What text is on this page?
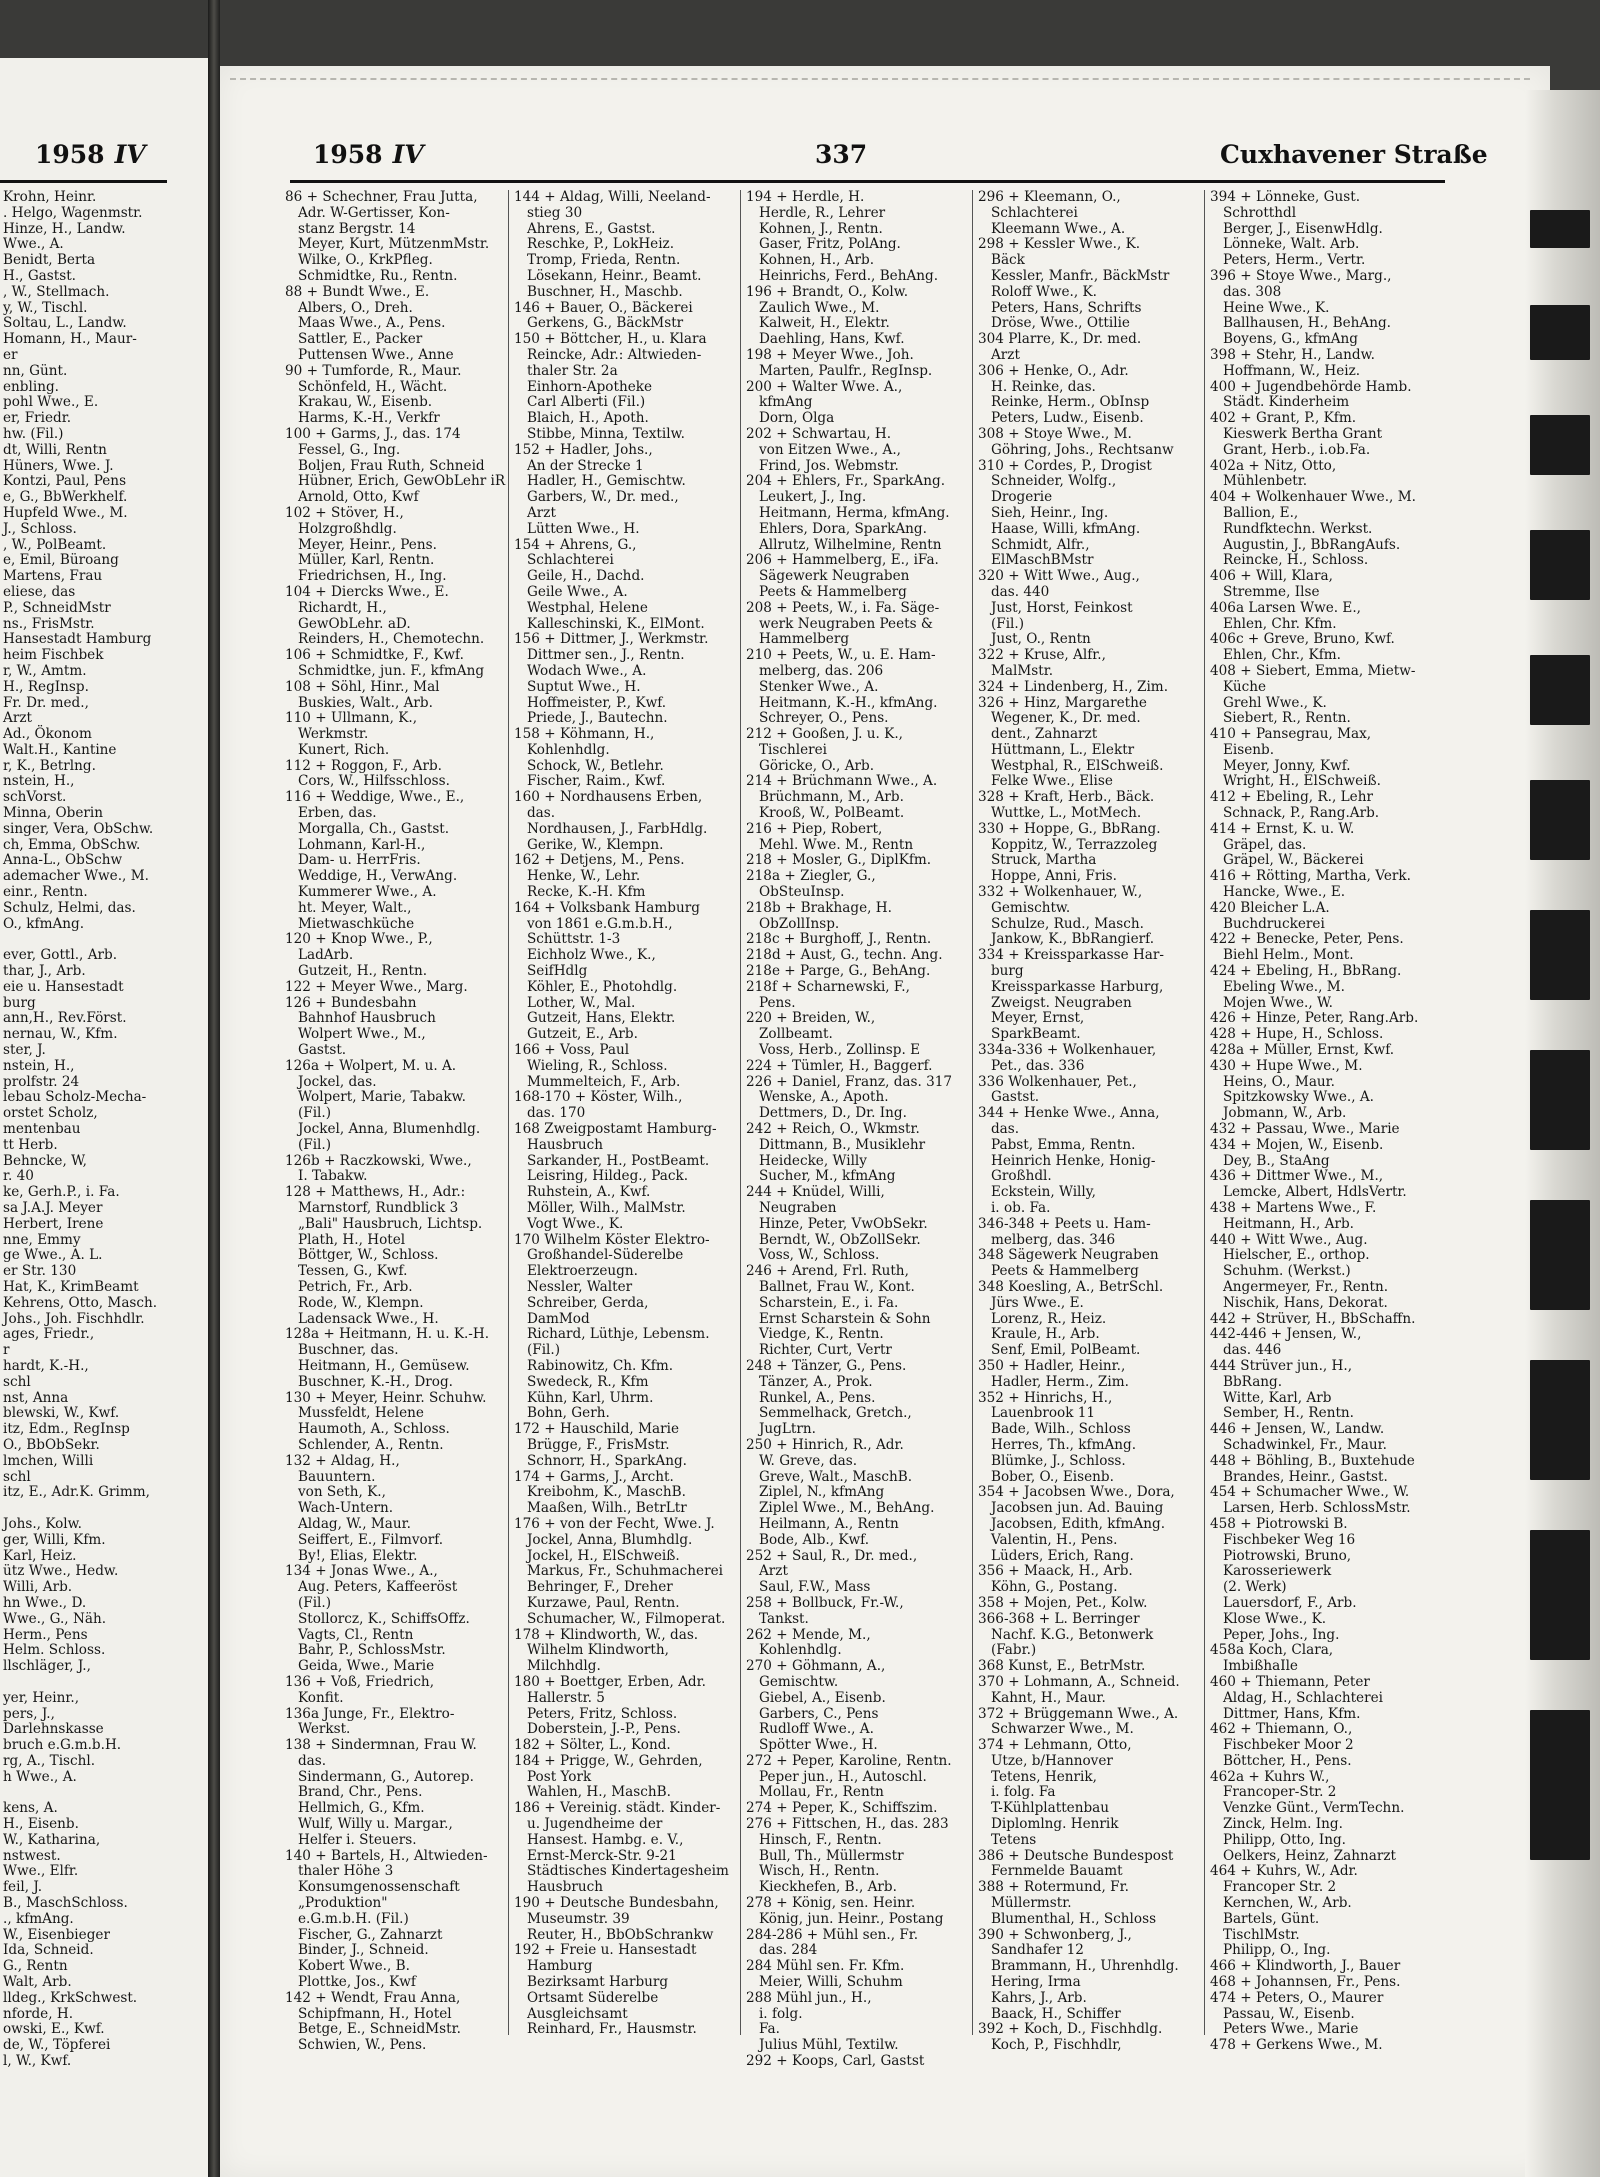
1958 IV	1958 IV	337	Cuxhavener Straße
Krohn, Heinr.
. Helgo, Wagenmstr.
Hinze, H., Landw.
Wwe., A.
Benidt, Berta
H., Gastst.
, W., Stellmach.
y, W., Tischl.
Soltau, L., Landw.
Homann, H., Maur-
er
nn, Günt.
enbling.
pohl Wwe., E.
er, Friedr.
hw. (Fil.)
dt, Willi, Rentn
Hüners, Wwe. J.
Kontzi, Paul, Pens
e, G., BbWerkhelf.
Hupfeld Wwe., M.
J., Schloss.
, W., PolBeamt.
e, Emil, Büroang
Martens, Frau
eliese, das
P., SchneidMstr
ns., FrisMstr.
Hansestadt Hamburg
heim Fischbek
r, W., Amtm.
H., RegInsp.
Fr. Dr. med.,
Arzt
Ad., Ökonom
Walt.H., Kantine
r, K., Betrlng.
nstein, H.,
schVorst.
Minna, Oberin
singer, Vera, ObSchw.
ch, Emma, ObSchw.
Anna-L., ObSchw
ademacher Wwe., M.
einr., Rentn.
Schulz, Helmi, das.
O., kfmAng.

ever, Gottl., Arb.
thar, J., Arb.
eie u. Hansestadt
burg
ann,H., Rev.Först.
nernau, W., Kfm.
ster, J.
nstein, H.,
prolfstr. 24
lebau Scholz-Mecha-
orstet Scholz,
mentenbau
tt Herb.
Behncke, W,
r. 40
ke, Gerh.P., i. Fa.
sa J.A.J. Meyer
Herbert, Irene
nne, Emmy
ge Wwe., A. L.
er Str. 130
Hat, K., KrimBeamt
Kehrens, Otto, Masch.
Johs., Joh. Fischhdlr.
ages, Friedr.,
r
hardt, K.-H.,
schl
nst, Anna
blewski, W., Kwf.
itz, Edm., RegInsp
O., BbObSekr.
lmchen, Willi
schl
itz, E., Adr.K. Grimm,

Johs., Kolw.
ger, Willi, Kfm.
Karl, Heiz.
ütz Wwe., Hedw.
Willi, Arb.
hn Wwe., D.
Wwe., G., Näh.
Herm., Pens
Helm. Schloss.
llschläger, J.,

yer, Heinr.,
pers, J.,
Darlehnskasse
bruch e.G.m.b.H.
rg, A., Tischl.
h Wwe., A.

kens, A.
H., Eisenb.
W., Katharina,
nstwest.
Wwe., Elfr.
feil, J.
B., MaschSchloss.
., kfmAng.
W., Eisenbieger
Ida, Schneid.
G., Rentn
Walt, Arb.
lldeg., KrkSchwest.
nforde, H.
owski, E., Kwf.
de, W., Töpferei
l, W., Kwf.
86 + Schechner, Frau Jutta,
Adr. W-Gertisser, Kon-
stanz Bergstr. 14
Meyer, Kurt, MützenmMstr.
Wilke, O., KrkPfleg.
Schmidtke, Ru., Rentn.
88 + Bundt Wwe., E.
Albers, O., Dreh.
Maas Wwe., A., Pens.
Sattler, E., Packer
Puttensen Wwe., Anne
90 + Tumforde, R., Maur.
Schönfeld, H., Wächt.
Krakau, W., Eisenb.
Harms, K.-H., Verkfr
100 + Garms, J., das. 174
Fessel, G., Ing.
Boljen, Frau Ruth, Schneid
Hübner, Erich, GewObLehr iR
Arnold, Otto, Kwf
102 + Stöver, H.,
Holzgroßhdlg.
Meyer, Heinr., Pens.
Müller, Karl, Rentn.
Friedrichsen, H., Ing.
104 + Diercks Wwe., E.
Richardt, H.,
GewObLehr. aD.
Reinders, H., Chemotechn.
106 + Schmidtke, F., Kwf.
Schmidtke, jun. F., kfmAng
108 + Söhl, Hinr., Mal
Buskies, Walt., Arb.
110 + Ullmann, K.,
Werkmstr.
Kunert, Rich.
112 + Roggon, F., Arb.
Cors, W., Hilfsschloss.
116 + Weddige, Wwe., E.,
Erben, das.
Morgalla, Ch., Gastst.
Lohmann, Karl-H.,
Dam- u. HerrFris.
Weddige, H., VerwAng.
Kummerer Wwe., A.
ht. Meyer, Walt.,
Mietwaschküche
120 + Knop Wwe., P.,
LadArb.
Gutzeit, H., Rentn.
122 + Meyer Wwe., Marg.
126 + Bundesbahn
Bahnhof Hausbruch
Wolpert Wwe., M.,
Gastst.
126a + Wolpert, M. u. A.
Jockel, das.
Wolpert, Marie, Tabakw.
(Fil.)
Jockel, Anna, Blumenhdlg.
(Fil.)
126b + Raczkowski, Wwe.,
I. Tabakw.
128 + Matthews, H., Adr.:
Marnstorf, Rundblick 3
„Bali" Hausbruch, Lichtsp.
Plath, H., Hotel
Böttger, W., Schloss.
Tessen, G., Kwf.
Petrich, Fr., Arb.
Rode, W., Klempn.
Ladensack Wwe., H.
128a + Heitmann, H. u. K.-H.
Buschner, das.
Heitmann, H., Gemüsew.
Buschner, K.-H., Drog.
130 + Meyer, Heinr. Schuhw.
Mussfeldt, Helene
Haumoth, A., Schloss.
Schlender, A., Rentn.
132 + Aldag, H.,
Bauuntern.
von Seth, K.,
Wach-Untern.
Aldag, W., Maur.
Seiffert, E., Filmvorf.
By!, Elias, Elektr.
134 + Jonas Wwe., A.,
Aug. Peters, Kaffeeröst
(Fil.)
Stollorcz, K., SchiffsOffz.
Vagts, Cl., Rentn
Bahr, P., SchlossMstr.
Geida, Wwe., Marie
136 + Voß, Friedrich,
Konfit.
136a Junge, Fr., Elektro-
Werkst.
138 + Sindermnan, Frau W.
das.
Sindermann, G., Autorep.
Brand, Chr., Pens.
Hellmich, G., Kfm.
Wulf, Willy u. Margar.,
Helfer i. Steuers.
140 + Bartels, H., Altwieden-
thaler Höhe 3
Konsumgenossenschaft
„Produktion"
e.G.m.b.H. (Fil.)
Fischer, G., Zahnarzt
Binder, J., Schneid.
Kobert Wwe., B.
Plottke, Jos., Kwf
142 + Wendt, Frau Anna,
Schipfmann, H., Hotel
Betge, E., SchneidMstr.
Schwien, W., Pens.
144 + Aldag, Willi, Neeland-
stieg 30
Ahrens, E., Gastst.
Reschke, P., LokHeiz.
Tromp, Frieda, Rentn.
Lösekann, Heinr., Beamt.
Buschner, H., Maschb.
146 + Bauer, O., Bäckerei
Gerkens, G., BäckMstr
150 + Böttcher, H., u. Klara
Reincke, Adr.: Altwieden-
thaler Str. 2a
Einhorn-Apotheke
Carl Alberti (Fil.)
Blaich, H., Apoth.
Stibbe, Minna, Textilw.
152 + Hadler, Johs.,
An der Strecke 1
Hadler, H., Gemischtw.
Garbers, W., Dr. med.,
Arzt
Lütten Wwe., H.
154 + Ahrens, G.,
Schlachterei
Geile, H., Dachd.
Geile Wwe., A.
Westphal, Helene
Kalleschinski, K., ElMont.
156 + Dittmer, J., Werkmstr.
Dittmer sen., J., Rentn.
Wodach Wwe., A.
Suptut Wwe., H.
Hoffmeister, P., Kwf.
Priede, J., Bautechn.
158 + Köhmann, H.,
Kohlenhdlg.
Schock, W., Betlehr.
Fischer, Raim., Kwf.
160 + Nordhausens Erben,
das.
Nordhausen, J., FarbHdlg.
Gerike, W., Klempn.
162 + Detjens, M., Pens.
Henke, W., Lehr.
Recke, K.-H. Kfm
164 + Volksbank Hamburg
von 1861 e.G.m.b.H.,
Schüttstr. 1-3
Eichholz Wwe., K.,
SeifHdlg
Köhler, E., Photohdlg.
Lother, W., Mal.
Gutzeit, Hans, Elektr.
Gutzeit, E., Arb.
166 + Voss, Paul
Wieling, R., Schloss.
Mummelteich, F., Arb.
168-170 + Köster, Wilh.,
das. 170
168 Zweigpostamt Hamburg-
Hausbruch
Sarkander, H., PostBeamt.
Leisring, Hildeg., Pack.
Ruhstein, A., Kwf.
Möller, Wilh., MalMstr.
Vogt Wwe., K.
170 Wilhelm Köster Elektro-
Großhandel-Süderelbe
Elektroerzeugn.
Nessler, Walter
Schreiber, Gerda,
DamMod
Richard, Lüthje, Lebensm.
(Fil.)
Rabinowitz, Ch. Kfm.
Swedeck, R., Kfm
Kühn, Karl, Uhrm.
Bohn, Gerh.
172 + Hauschild, Marie
Brügge, F., FrisMstr.
Schnorr, H., SparkAng.
174 + Garms, J., Archt.
Kreibohm, K., MaschB.
Maaßen, Wilh., BetrLtr
176 + von der Fecht, Wwe. J.
Jockel, Anna, Blumhdlg.
Jockel, H., ElSchweiß.
Markus, Fr., Schuhmacherei
Behringer, F., Dreher
Kurzawe, Paul, Rentn.
Schumacher, W., Filmoperat.
178 + Klindworth, W., das.
Wilhelm Klindworth,
Milchhdlg.
180 + Boettger, Erben, Adr.
Hallerstr. 5
Peters, Fritz, Schloss.
Doberstein, J.-P., Pens.
182 + Sölter, L., Kond.
184 + Prigge, W., Gehrden,
Post York
Wahlen, H., MaschB.
186 + Vereinig. städt. Kinder-
u. Jugendheime der
Hansest. Hambg. e. V.,
Ernst-Merck-Str. 9-21
Städtisches Kindertagesheim
Hausbruch
190 + Deutsche Bundesbahn,
Museumstr. 39
Reuter, H., BbObSchrankw
192 + Freie u. Hansestadt
Hamburg
Bezirksamt Harburg
Ortsamt Süderelbe
Ausgleichsamt
Reinhard, Fr., Hausmstr.
194 + Herdle, H.
Herdle, R., Lehrer
Kohnen, J., Rentn.
Gaser, Fritz, PolAng.
Kohnen, H., Arb.
Heinrichs, Ferd., BehAng.
196 + Brandt, O., Kolw.
Zaulich Wwe., M.
Kalweit, H., Elektr.
Daehling, Hans, Kwf.
198 + Meyer Wwe., Joh.
Marten, Paulfr., RegInsp.
200 + Walter Wwe. A.,
kfmAng
Dorn, Olga
202 + Schwartau, H.
von Eitzen Wwe., A.,
Frind, Jos. Webmstr.
204 + Ehlers, Fr., SparkAng.
Leukert, J., Ing.
Heitmann, Herma, kfmAng.
Ehlers, Dora, SparkAng.
Allrutz, Wilhelmine, Rentn
206 + Hammelberg, E., iFa.
Sägewerk Neugraben
Peets & Hammelberg
208 + Peets, W., i. Fa. Säge-
werk Neugraben Peets &
Hammelberg
210 + Peets, W., u. E. Ham-
melberg, das. 206
Stenker Wwe., A.
Heitmann, K.-H., kfmAng.
Schreyer, O., Pens.
212 + Gooßen, J. u. K.,
Tischlerei
Göricke, O., Arb.
214 + Brüchmann Wwe., A.
Brüchmann, M., Arb.
Krooß, W., PolBeamt.
216 + Piep, Robert,
Mehl. Wwe. M., Rentn
218 + Mosler, G., DiplKfm.
218a + Ziegler, G.,
ObSteuInsp.
218b + Brakhage, H.
ObZollInsp.
218c + Burghoff, J., Rentn.
218d + Aust, G., techn. Ang.
218e + Parge, G., BehAng.
218f + Scharnewski, F.,
Pens.
220 + Breiden, W.,
Zollbeamt.
Voss, Herb., Zollinsp. E
224 + Tümler, H., Baggerf.
226 + Daniel, Franz, das. 317
Wenske, A., Apoth.
Dettmers, D., Dr. Ing.
242 + Reich, O., Wkmstr.
Dittmann, B., Musiklehr
Heidecke, Willy
Sucher, M., kfmAng
244 + Knüdel, Willi,
Neugraben
Hinze, Peter, VwObSekr.
Berndt, W., ObZollSekr.
Voss, W., Schloss.
246 + Arend, Frl. Ruth,
Ballnet, Frau W., Kont.
Scharstein, E., i. Fa.
Ernst Scharstein & Sohn
Viedge, K., Rentn.
Richter, Curt, Vertr
248 + Tänzer, G., Pens.
Tänzer, A., Prok.
Runkel, A., Pens.
Semmelhack, Gretch.,
JugLtrn.
250 + Hinrich, R., Adr.
W. Greve, das.
Greve, Walt., MaschB.
Ziplel, N., kfmAng
Ziplel Wwe., M., BehAng.
Heilmann, A., Rentn
Bode, Alb., Kwf.
252 + Saul, R., Dr. med.,
Arzt
Saul, F.W., Mass
258 + Bollbuck, Fr.-W.,
Tankst.
262 + Mende, M.,
Kohlenhdlg.
270 + Göhmann, A.,
Gemischtw.
Giebel, A., Eisenb.
Garbers, C., Pens
Rudloff Wwe., A.
Spötter Wwe., H.
272 + Peper, Karoline, Rentn.
Peper jun., H., Autoschl.
Mollau, Fr., Rentn
274 + Peper, K., Schiffszim.
276 + Fittschen, H., das. 283
Hinsch, F., Rentn.
Bull, Th., Müllermstr
Wisch, H., Rentn.
Kieckhefen, B., Arb.
278 + König, sen. Heinr.
König, jun. Heinr., Postang
284-286 + Mühl sen., Fr.
das. 284
284 Mühl sen. Fr. Kfm.
Meier, Willi, Schuhm
288 Mühl jun., H.,
i. folg.
Fa.
Julius Mühl, Textilw.
292 + Koops, Carl, Gastst
296 + Kleemann, O.,
Schlachterei
Kleemann Wwe., A.
298 + Kessler Wwe., K.
Bäck
Kessler, Manfr., BäckMstr
Roloff Wwe., K.
Peters, Hans, Schrifts
Dröse, Wwe., Ottilie
304 Plarre, K., Dr. med.
Arzt
306 + Henke, O., Adr.
H. Reinke, das.
Reinke, Herm., ObInsp
Peters, Ludw., Eisenb.
308 + Stoye Wwe., M.
Göhring, Johs., Rechtsanw
310 + Cordes, P., Drogist
Schneider, Wolfg.,
Drogerie
Sieh, Heinr., Ing.
Haase, Willi, kfmAng.
Schmidt, Alfr.,
ElMaschBMstr
320 + Witt Wwe., Aug.,
das. 440
Just, Horst, Feinkost
(Fil.)
Just, O., Rentn
322 + Kruse, Alfr.,
MalMstr.
324 + Lindenberg, H., Zim.
326 + Hinz, Margarethe
Wegener, K., Dr. med.
dent., Zahnarzt
Hüttmann, L., Elektr
Westphal, R., ElSchweiß.
Felke Wwe., Elise
328 + Kraft, Herb., Bäck.
Wuttke, L., MotMech.
330 + Hoppe, G., BbRang.
Koppitz, W., Terrazzoleg
Struck, Martha
Hoppe, Anni, Fris.
332 + Wolkenhauer, W.,
Gemischtw.
Schulze, Rud., Masch.
Jankow, K., BbRangierf.
334 + Kreissparkasse Har-
burg
Kreissparkasse Harburg,
Zweigst. Neugraben
Meyer, Ernst,
SparkBeamt.
334a-336 + Wolkenhauer,
Pet., das. 336
336 Wolkenhauer, Pet.,
Gastst.
344 + Henke Wwe., Anna,
das.
Pabst, Emma, Rentn.
Heinrich Henke, Honig-
Großhdl.
Eckstein, Willy,
i. ob. Fa.
346-348 + Peets u. Ham-
melberg, das. 346
348 Sägewerk Neugraben
Peets & Hammelberg
348 Koesling, A., BetrSchl.
Jürs Wwe., E.
Lorenz, R., Heiz.
Kraule, H., Arb.
Senf, Emil, PolBeamt.
350 + Hadler, Heinr.,
Hadler, Herm., Zim.
352 + Hinrichs, H.,
Lauenbrook 11
Bade, Wilh., Schloss
Herres, Th., kfmAng.
Blümke, J., Schloss.
Bober, O., Eisenb.
354 + Jacobsen Wwe., Dora,
Jacobsen jun. Ad. Bauing
Jacobsen, Edith, kfmAng.
Valentin, H., Pens.
Lüders, Erich, Rang.
356 + Maack, H., Arb.
Köhn, G., Postang.
358 + Mojen, Pet., Kolw.
366-368 + L. Berringer
Nachf. K.G., Betonwerk
(Fabr.)
368 Kunst, E., BetrMstr.
370 + Lohmann, A., Schneid.
Kahnt, H., Maur.
372 + Brüggemann Wwe., A.
Schwarzer Wwe., M.
374 + Lehmann, Otto,
Utze, b/Hannover
Tetens, Henrik,
i. folg. Fa
T-Kühlplattenbau
Diplomlng. Henrik
Tetens
386 + Deutsche Bundespost
Fernmelde Bauamt
388 + Rotermund, Fr.
Müllermstr.
Blumenthal, H., Schloss
390 + Schwonberg, J.,
Sandhafer 12
Brammann, H., Uhrenhdlg.
Hering, Irma
Kahrs, J., Arb.
Baack, H., Schiffer
392 + Koch, D., Fischhdlg.
Koch, P., Fischhdlr,
394 + Lönneke, Gust.
Schrotthdl
Berger, J., EisenwHdlg.
Lönneke, Walt. Arb.
Peters, Herm., Vertr.
396 + Stoye Wwe., Marg.,
das. 308
Heine Wwe., K.
Ballhausen, H., BehAng.
Boyens, G., kfmAng
398 + Stehr, H., Landw.
Hoffmann, W., Heiz.
400 + Jugendbehörde Hamb.
Städt. Kinderheim
402 + Grant, P., Kfm.
Kieswerk Bertha Grant
Grant, Herb., i.ob.Fa.
402a + Nitz, Otto,
Mühlenbetr.
404 + Wolkenhauer Wwe., M.
Ballion, E.,
Rundfktechn. Werkst.
Augustin, J., BbRangAufs.
Reincke, H., Schloss.
406 + Will, Klara,
Stremme, Ilse
406a Larsen Wwe. E.,
Ehlen, Chr. Kfm.
406c + Greve, Bruno, Kwf.
Ehlen, Chr., Kfm.
408 + Siebert, Emma, Mietw-
Küche
Grehl Wwe., K.
Siebert, R., Rentn.
410 + Pansegrau, Max,
Eisenb.
Meyer, Jonny, Kwf.
Wright, H., ElSchweiß.
412 + Ebeling, R., Lehr
Schnack, P., Rang.Arb.
414 + Ernst, K. u. W.
Gräpel, das.
Gräpel, W., Bäckerei
416 + Rötting, Martha, Verk.
Hancke, Wwe., E.
420 Bleicher L.A.
Buchdruckerei
422 + Benecke, Peter, Pens.
Biehl Helm., Mont.
424 + Ebeling, H., BbRang.
Ebeling Wwe., M.
Mojen Wwe., W.
426 + Hinze, Peter, Rang.Arb.
428 + Hupe, H., Schloss.
428a + Müller, Ernst, Kwf.
430 + Hupe Wwe., M.
Heins, O., Maur.
Spitzkowsky Wwe., A.
Jobmann, W., Arb.
432 + Passau, Wwe., Marie
434 + Mojen, W., Eisenb.
Dey, B., StaAng
436 + Dittmer Wwe., M.,
Lemcke, Albert, HdlsVertr.
438 + Martens Wwe., F.
Heitmann, H., Arb.
440 + Witt Wwe., Aug.
Hielscher, E., orthop.
Schuhm. (Werkst.)
Angermeyer, Fr., Rentn.
Nischik, Hans, Dekorat.
442 + Strüver, H., BbSchaffn.
442-446 + Jensen, W.,
das. 446
444 Strüver jun., H.,
BbRang.
Witte, Karl, Arb
Sember, H., Rentn.
446 + Jensen, W., Landw.
Schadwinkel, Fr., Maur.
448 + Böhling, B., Buxtehude
Brandes, Heinr., Gastst.
454 + Schumacher Wwe., W.
Larsen, Herb. SchlossMstr.
458 + Piotrowski B.
Fischbeker Weg 16
Piotrowski, Bruno,
Karosseriewerk
(2. Werk)
Lauersdorf, F., Arb.
Klose Wwe., K.
Peper, Johs., Ing.
458a Koch, Clara,
ImbißhaIle
460 + Thiemann, Peter
Aldag, H., Schlachterei
Dittmer, Hans, Kfm.
462 + Thiemann, O.,
Fischbeker Moor 2
Böttcher, H., Pens.
462a + Kuhrs W.,
Francoper-Str. 2
Venzke Günt., VermTechn.
Zinck, Helm. Ing.
Philipp, Otto, Ing.
Oelkers, Heinz, Zahnarzt
464 + Kuhrs, W., Adr.
Francoper Str. 2
Kernchen, W., Arb.
Bartels, Günt.
TischlMstr.
Philipp, O., Ing.
466 + Klindworth, J., Bauer
468 + Johannsen, Fr., Pens.
474 + Peters, O., Maurer
Passau, W., Eisenb.
Peters Wwe., Marie
478 + Gerkens Wwe., M.
